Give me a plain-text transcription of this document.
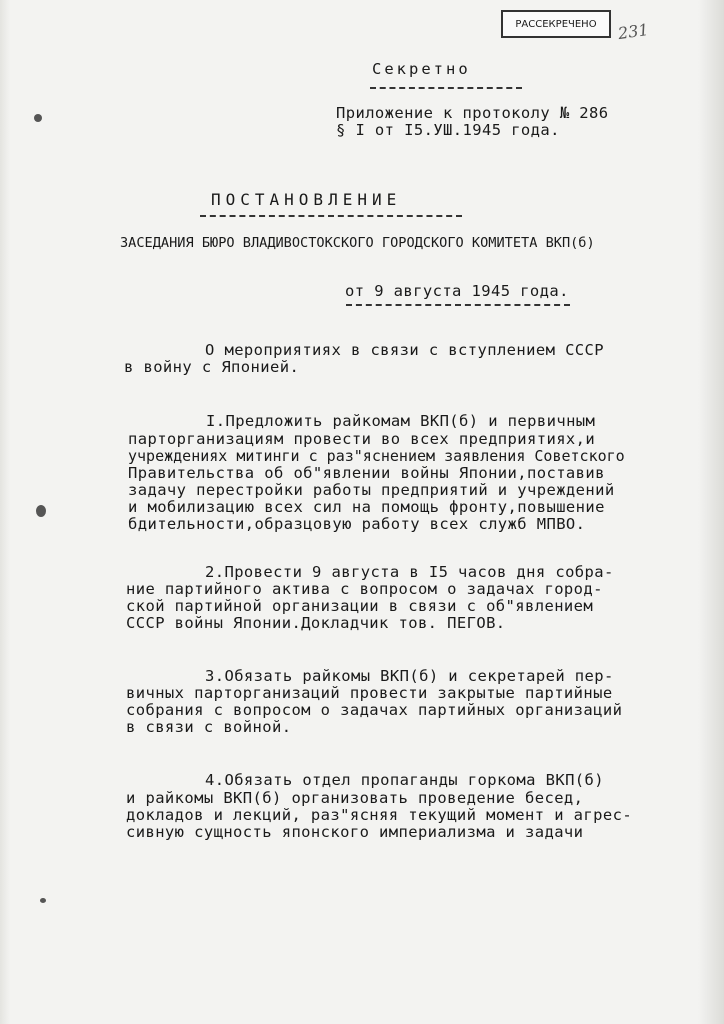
РАССЕКРЕЧЕНО	231
Секретно
Приложение к протоколу № 286
§ I от I5.УШ.1945 года.
ПОСТАНОВЛЕНИЕ
ЗАСЕДАНИЯ БЮРО ВЛАДИВОСТОКСКОГО ГОРОДСКОГО КОМИТЕТА ВКП(б)
от 9 августа 1945 года.
О мероприятиях в связи с вступлением СССР
в войну с Японией.
I.Предложить райкомам ВКП(б) и первичным
парторганизациям провести во всех предприятиях,и
учреждениях митинги с раз"яснением заявления Советского
Правительства об об"явлении войны Японии,поставив
задачу перестройки работы предприятий и учреждений
и мобилизацию всех сил на помощь фронту,повышение
бдительности,образцовую работу всех служб МПВО.
2.Провести 9 августа в I5 часов дня собра-
ние партийного актива с вопросом о задачах город-
ской партийной организации в связи с об"явлением
СССР войны Японии.Докладчик тов. ПЕГОВ.
3.Обязать райкомы ВКП(б) и секретарей пер-
вичных парторганизаций провести закрытые партийные
собрания с вопросом о задачах партийных организаций
в связи с войной.
4.Обязать отдел пропаганды горкома ВКП(б)
и райкомы ВКП(б) организовать проведение бесед,
докладов и лекций, раз"ясняя текущий момент и агрес-
сивную сущность японского империализма и задачи
